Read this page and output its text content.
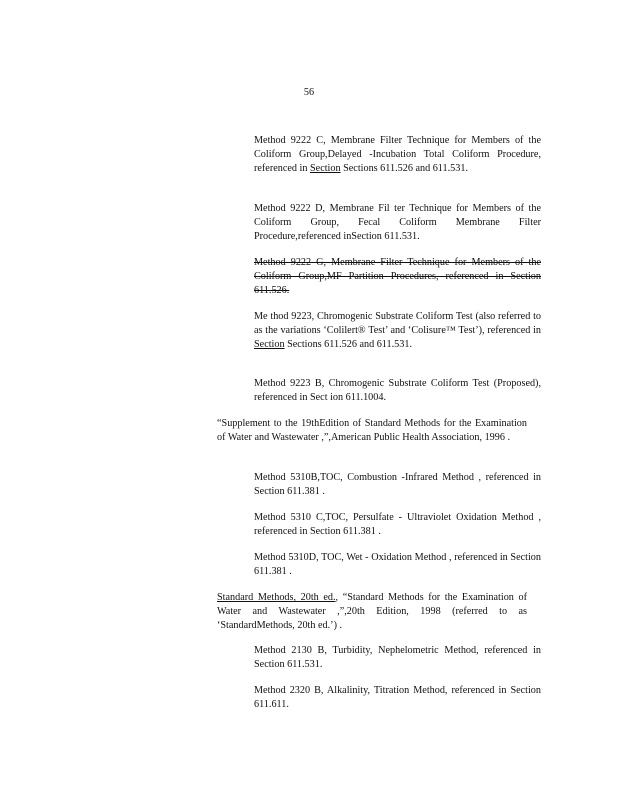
56

Method 9222 C, Membrane Filter Technique for Members of the Coliform Group,Delayed -Incubation Total Coliform Procedure, referenced in Section Sections 611.526 and 611.531.

Method 9222 D, Membrane Fil ter Technique for Members of the Coliform Group, Fecal Coliform Membrane Filter Procedure,referenced inSection 611.531.

Method 9222 G, Membrane Filter Technique for Members of the Coliform Group,MF Partition Procedures, referenced in Section 611.526.

Me thod 9223, Chromogenic Substrate Coliform Test (also referred to as the variations ‘Colilert® Test’ and ‘Colisure™ Test’), referenced in Section Sections 611.526 and 611.531.

Method 9223 B, Chromogenic Substrate Coliform Test (Proposed), referenced in Sect ion 611.1004.

“Supplement to the 19thEdition of Standard Methods for the Examination of Water and Wastewater ,”,American Public Health Association, 1996 .

Method 5310B,TOC, Combustion -Infrared Method , referenced in Section 611.381 .

Method 5310 C,TOC, Persulfate - Ultraviolet Oxidation Method , referenced in Section 611.381 .

Method 5310D, TOC, Wet - Oxidation Method , referenced in Section 611.381 .

Standard Methods, 20th ed., “Standard Methods for the Examination of Water and Wastewater ,”,20th Edition, 1998 (referred to as ‘StandardMethods, 20th ed.’) .

Method 2130 B, Turbidity, Nephelometric Method, referenced in Section 611.531.

Method 2320 B, Alkalinity, Titration Method, referenced in Section 611.611.
